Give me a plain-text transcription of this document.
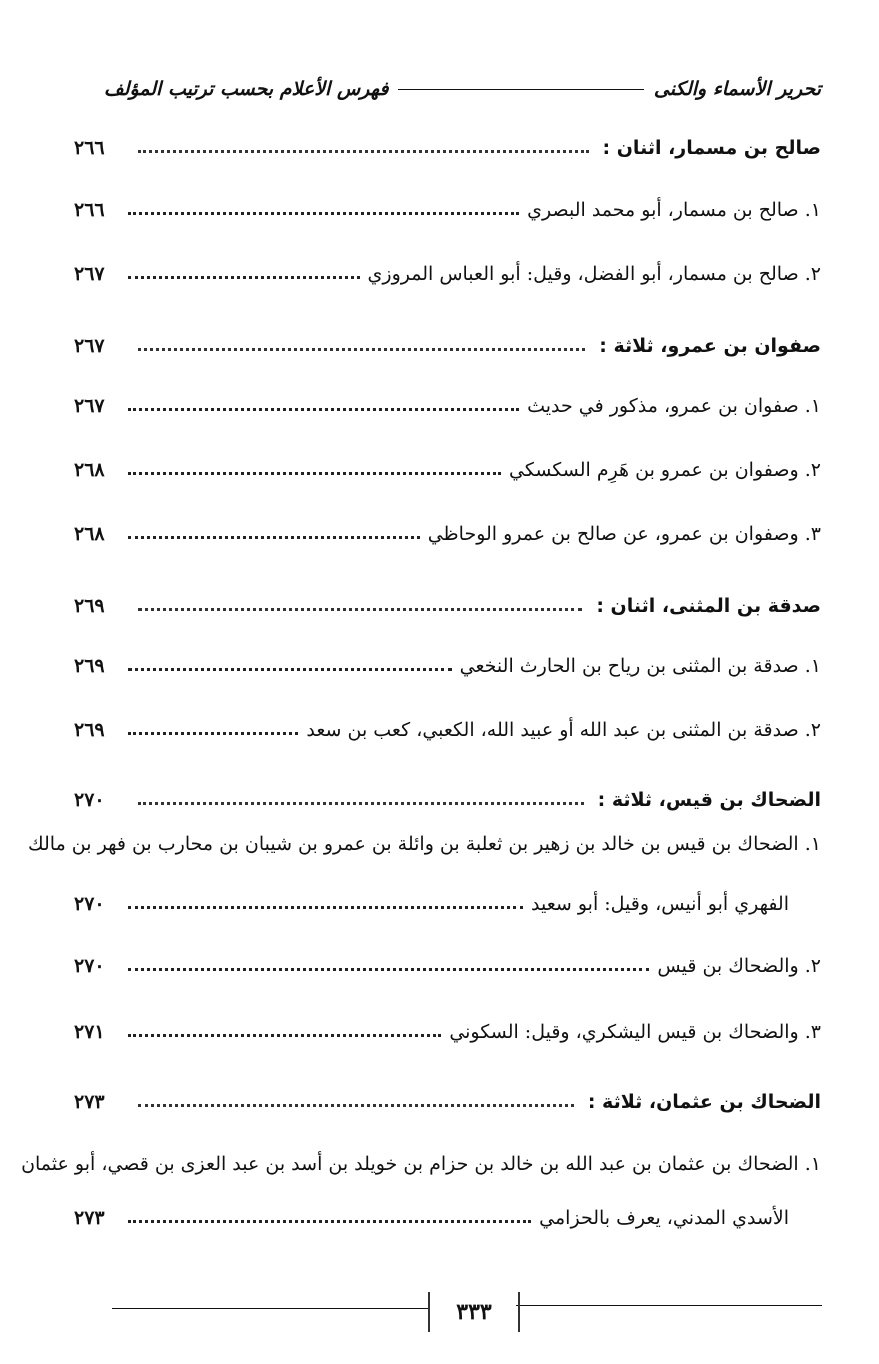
تحرير الأسماء والكنى
فهرس الأعلام بحسب ترتيب المؤلف
صالح بن مسمار، اثنان :
٢٦٦
١. صالح بن مسمار، أبو محمد البصري
٢٦٦
٢. صالح بن مسمار، أبو الفضل، وقيل: أبو العباس المروزي
٢٦٧
صفوان بن عمرو، ثلاثة :
٢٦٧
١. صفوان بن عمرو، مذكور في حديث
٢٦٧
٢. وصفوان بن عمرو بن هَرِم السكسكي
٢٦٨
٣. وصفوان بن عمرو، عن صالح بن عمرو الوحاظي
٢٦٨
صدقة بن المثنى، اثنان :
٢٦٩
١. صدقة بن المثنى بن رياح بن الحارث النخعي
٢٦٩
٢. صدقة بن المثنى بن عبد الله أو عبيد الله، الكعبي، كعب بن سعد
٢٦٩
الضحاك بن قيس، ثلاثة :
٢٧٠
١. الضحاك بن قيس بن خالد بن زهير بن ثعلبة بن وائلة بن عمرو بن شيبان بن محارب بن فهر بن مالك
الفهري أبو أنيس، وقيل: أبو سعيد
٢٧٠
٢. والضحاك بن قيس
٢٧٠
٣. والضحاك بن قيس اليشكري، وقيل: السكوني
٢٧١
الضحاك بن عثمان، ثلاثة :
٢٧٣
١. الضحاك بن عثمان بن عبد الله بن خالد بن حزام بن خويلد بن أسد بن عبد العزى بن قصي، أبو عثمان
الأسدي المدني، يعرف بالحزامي
٢٧٣
٣٣٣
